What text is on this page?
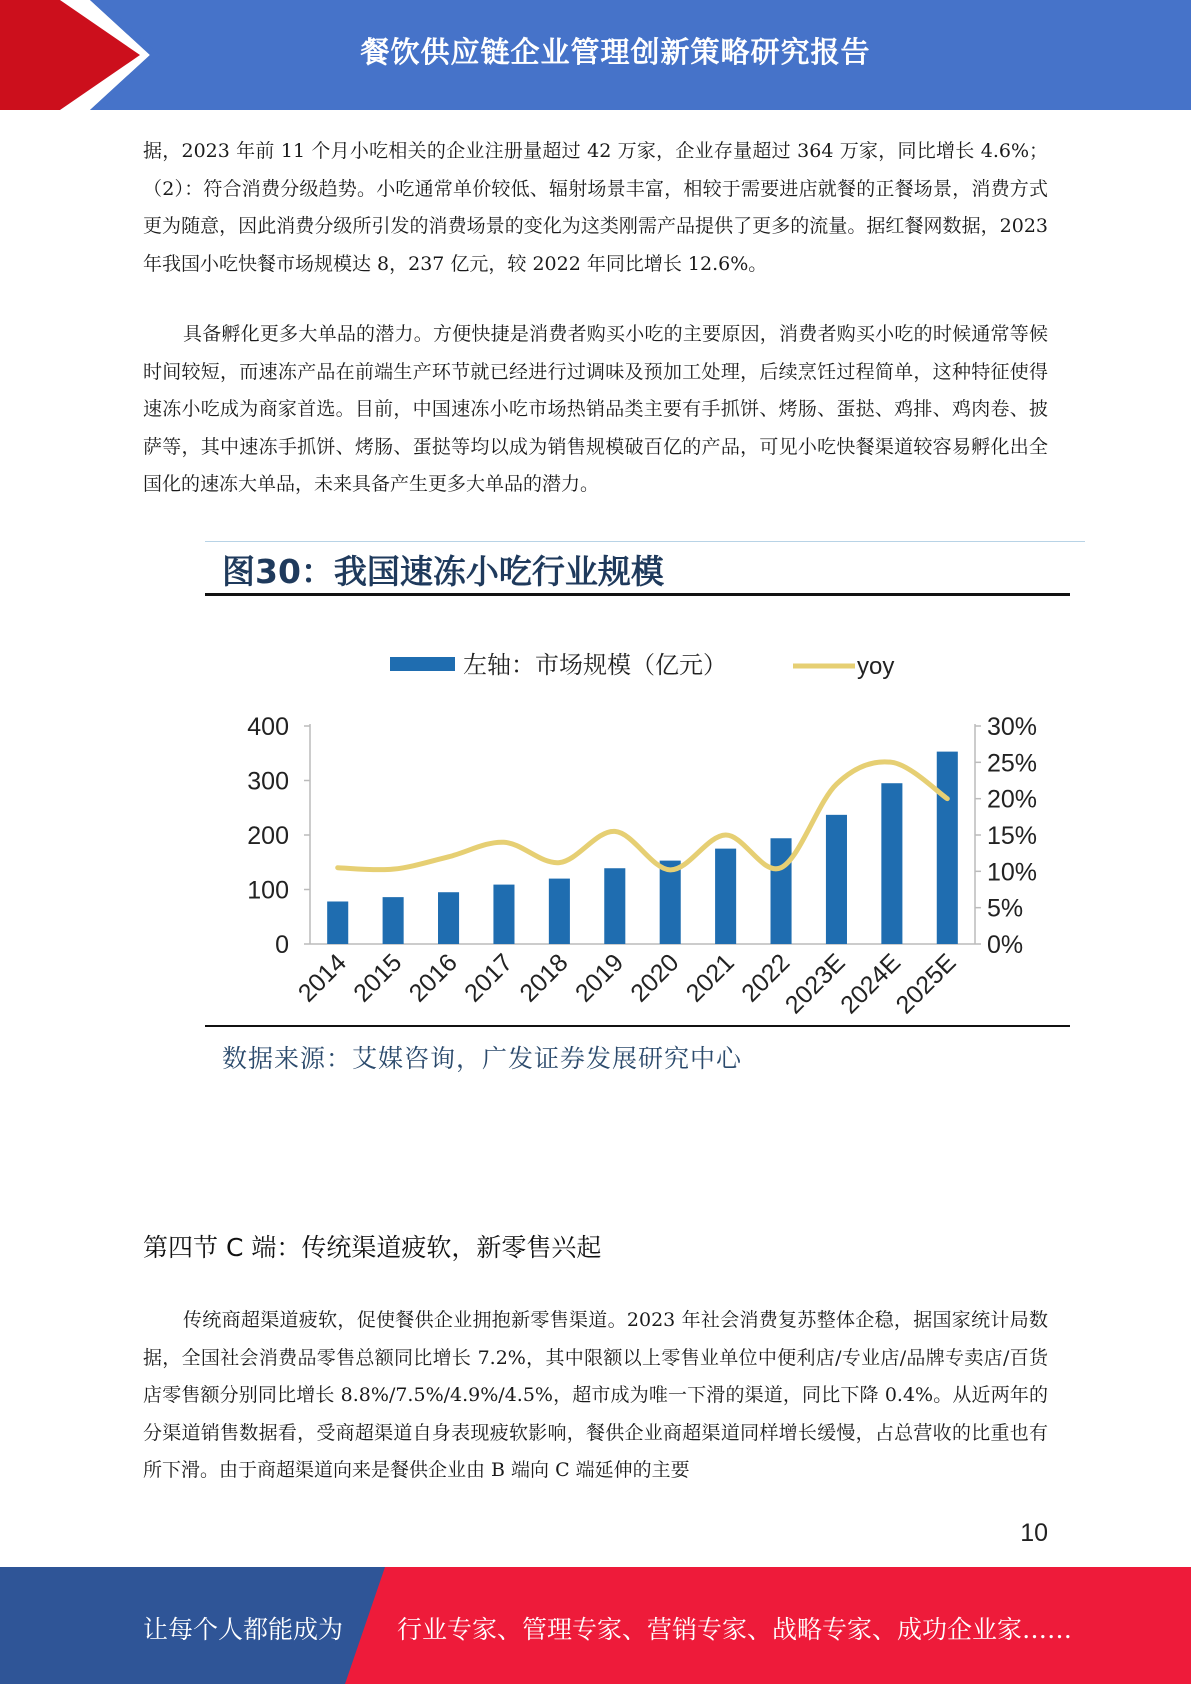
餐饮供应链企业管理创新策略研究报告

据，2023 年前 11 个月小吃相关的企业注册量超过 42 万家，企业存量超过 364 万家，同比增长 4.6%；（2）：符合消费分级趋势。小吃通常单价较低、辐射场景丰富，相较于需要进店就餐的正餐场景，消费方式更为随意，因此消费分级所引发的消费场景的变化为这类刚需产品提供了更多的流量。据红餐网数据，2023 年我国小吃快餐市场规模达 8，237 亿元，较 2022 年同比增长 12.6%。

具备孵化更多大单品的潜力。方便快捷是消费者购买小吃的主要原因，消费者购买小吃的时候通常等候时间较短，而速冻产品在前端生产环节就已经进行过调味及预加工处理，后续烹饪过程简单，这种特征使得速冻小吃成为商家首选。目前，中国速冻小吃市场热销品类主要有手抓饼、烤肠、蛋挞、鸡排、鸡肉卷、披萨等，其中速冻手抓饼、烤肠、蛋挞等均以成为销售规模破百亿的产品，可见小吃快餐渠道较容易孵化出全国化的速冻大单品，未来具备产生更多大单品的潜力。

图30：我国速冻小吃行业规模
左轴：市场规模（亿元）	yoy
0
100
200
300
400
0%
5%
10%
15%
20%
25%
30%
2014
2015
2016
2017
2018
2019
2020
2021
2022
2023E
2024E
2025E
数据来源：艾媒咨询，广发证券发展研究中心
第四节 C 端：传统渠道疲软，新零售兴起

传统商超渠道疲软，促使餐供企业拥抱新零售渠道。2023 年社会消费复苏整体企稳，据国家统计局数据，全国社会消费品零售总额同比增长 7.2%，其中限额以上零售业单位中便利店/专业店/品牌专卖店/百货店零售额分别同比增长 8.8%/7.5%/4.9%/4.5%，超市成为唯一下滑的渠道，同比下降 0.4%。从近两年的分渠道销售数据看，受商超渠道自身表现疲软影响，餐供企业商超渠道同样增长缓慢，占总营收的比重也有所下滑。由于商超渠道向来是餐供企业由 B 端向 C 端延伸的主要

10
让每个人都能成为 行业专家、管理专家、营销专家、战略专家、成功企业家……
